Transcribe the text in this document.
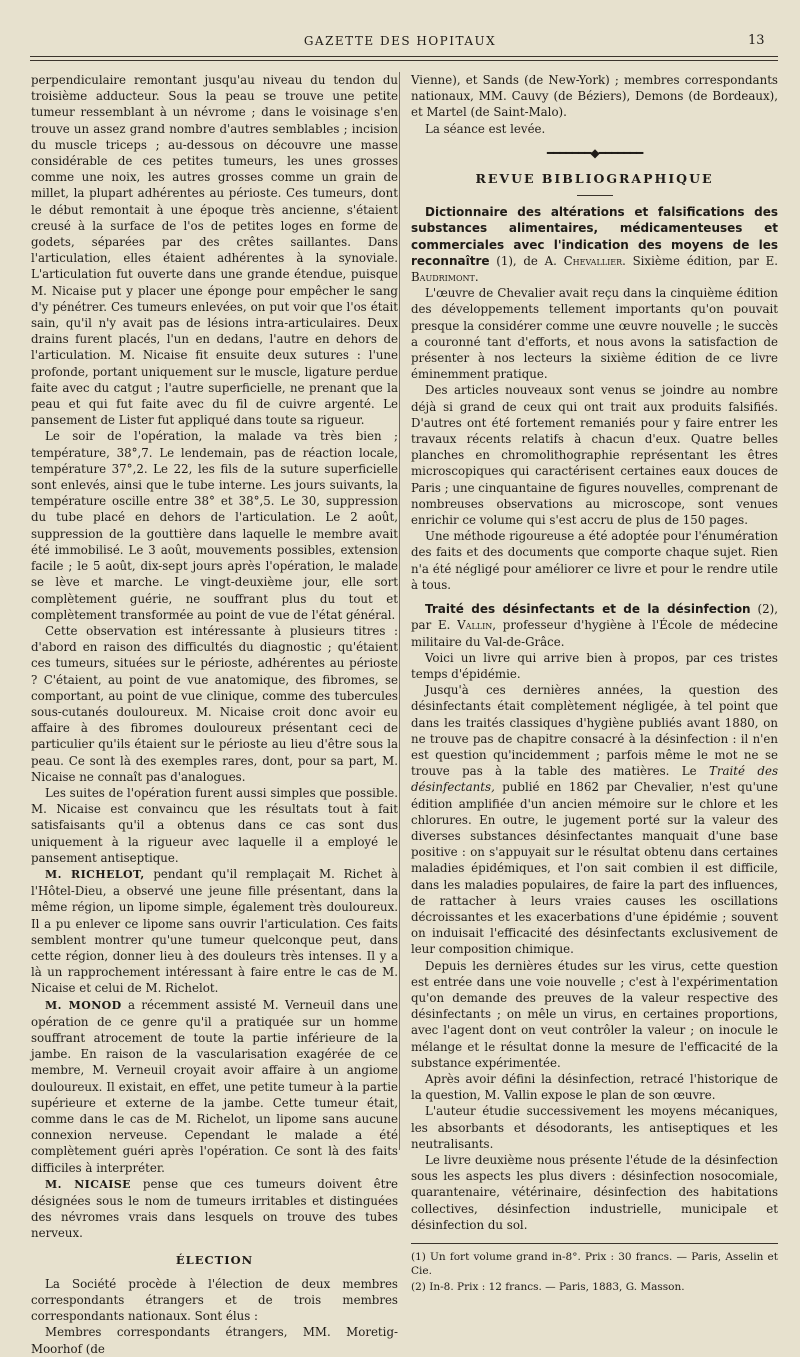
GAZETTE DES HOPITAUX	13

perpendiculaire remontant jusqu'au niveau du tendon du troisième adducteur. Sous la peau se trouve une petite tumeur ressemblant à un névrome ; dans le voisinage s'en trouve un assez grand nombre d'autres semblables ; incision du muscle triceps ; au-dessous on découvre une masse considérable de ces petites tumeurs, les unes grosses comme une noix, les autres grosses comme un grain de millet, la plupart adhérentes au périoste. Ces tumeurs, dont le début remontait à une époque très ancienne, s'étaient creusé à la surface de l'os de petites loges en forme de godets, séparées par des crêtes saillantes. Dans l'articulation, elles étaient adhérentes à la synoviale. L'articulation fut ouverte dans une grande étendue, puisque M. Nicaise put y placer une éponge pour empêcher le sang d'y pénétrer. Ces tumeurs enlevées, on put voir que l'os était sain, qu'il n'y avait pas de lésions intra-articulaires. Deux drains furent placés, l'un en dedans, l'autre en dehors de l'articulation. M. Nicaise fit ensuite deux sutures : l'une profonde, portant uniquement sur le muscle, ligature perdue faite avec du catgut ; l'autre superficielle, ne prenant que la peau et qui fut faite avec du fil de cuivre argenté. Le pansement de Lister fut appliqué dans toute sa rigueur.

Le soir de l'opération, la malade va très bien ; température, 38°,7. Le lendemain, pas de réaction locale, température 37°,2. Le 22, les fils de la suture superficielle sont enlevés, ainsi que le tube interne. Les jours suivants, la température oscille entre 38° et 38°,5. Le 30, suppression du tube placé en dehors de l'articulation. Le 2 août, suppression de la gouttière dans laquelle le membre avait été immobilisé. Le 3 août, mouvements possibles, extension facile ; le 5 août, dix-sept jours après l'opération, le malade se lève et marche. Le vingt-deuxième jour, elle sort complètement guérie, ne souffrant plus du tout et complètement transformée au point de vue de l'état général.

Cette observation est intéressante à plusieurs titres : d'abord en raison des difficultés du diagnostic ; qu'étaient ces tumeurs, situées sur le périoste, adhérentes au périoste ? C'étaient, au point de vue anatomique, des fibromes, se comportant, au point de vue clinique, comme des tubercules sous-cutanés douloureux. M. Nicaise croit donc avoir eu affaire à des fibromes douloureux présentant ceci de particulier qu'ils étaient sur le périoste au lieu d'être sous la peau. Ce sont là des exemples rares, dont, pour sa part, M. Nicaise ne connaît pas d'analogues.

Les suites de l'opération furent aussi simples que possible. M. Nicaise est convaincu que les résultats tout à fait satisfaisants qu'il a obtenus dans ce cas sont dus uniquement à la rigueur avec laquelle il a employé le pansement antiseptique.

M. RICHELOT, pendant qu'il remplaçait M. Richet à l'Hôtel-Dieu, a observé une jeune fille présentant, dans la même région, un lipome simple, également très douloureux. Il a pu enlever ce lipome sans ouvrir l'articulation. Ces faits semblent montrer qu'une tumeur quelconque peut, dans cette région, donner lieu à des douleurs très intenses. Il y a là un rapprochement intéressant à faire entre le cas de M. Nicaise et celui de M. Richelot.

M. MONOD a récemment assisté M. Verneuil dans une opération de ce genre qu'il a pratiquée sur un homme souffrant atrocement de toute la partie inférieure de la jambe. En raison de la vascularisation exagérée de ce membre, M. Verneuil croyait avoir affaire à un angiome douloureux. Il existait, en effet, une petite tumeur à la partie supérieure et externe de la jambe. Cette tumeur était, comme dans le cas de M. Richelot, un lipome sans aucune connexion nerveuse. Cependant le malade a été complètement guéri après l'opération. Ce sont là des faits difficiles à interpréter.

M. NICAISE pense que ces tumeurs doivent être désignées sous le nom de tumeurs irritables et distinguées des névromes vrais dans lesquels on trouve des tubes nerveux.

ÉLECTION

La Société procède à l'élection de deux membres correspondants étrangers et de trois membres correspondants nationaux. Sont élus :

Membres correspondants étrangers, MM. Moretig-Moorhof (de

Vienne), et Sands (de New-York) ; membres correspondants nationaux, MM. Cauvy (de Béziers), Demons (de Bordeaux), et Martel (de Saint-Malo).

La séance est levée.

━━━━━━━◆━━━━━━━
REVUE BIBLIOGRAPHIQUE

Dictionnaire des altérations et falsifications des substances alimentaires, médicamenteuses et commerciales avec l'indication des moyens de les reconnaître (1), de A. Chevallier. Sixième édition, par E. Baudrimont.

L'œuvre de Chevalier avait reçu dans la cinquième édition des développements tellement importants qu'on pouvait presque la considérer comme une œuvre nouvelle ; le succès a couronné tant d'efforts, et nous avons la satisfaction de présenter à nos lecteurs la sixième édition de ce livre éminemment pratique.

Des articles nouveaux sont venus se joindre au nombre déjà si grand de ceux qui ont trait aux produits falsifiés. D'autres ont été fortement remaniés pour y faire entrer les travaux récents relatifs à chacun d'eux. Quatre belles planches en chromolithographie représentant les êtres microscopiques qui caractérisent certaines eaux douces de Paris ; une cinquantaine de figures nouvelles, comprenant de nombreuses observations au microscope, sont venues enrichir ce volume qui s'est accru de plus de 150 pages.

Une méthode rigoureuse a été adoptée pour l'énumération des faits et des documents que comporte chaque sujet. Rien n'a été négligé pour améliorer ce livre et pour le rendre utile à tous.

Traité des désinfectants et de la désinfection (2), par E. Vallin, professeur d'hygiène à l'École de médecine militaire du Val-de-Grâce.

Voici un livre qui arrive bien à propos, par ces tristes temps d'épidémie.

Jusqu'à ces dernières années, la question des désinfectants était complètement négligée, à tel point que dans les traités classiques d'hygiène publiés avant 1880, on ne trouve pas de chapitre consacré à la désinfection : il n'en est question qu'incidemment ; parfois même le mot ne se trouve pas à la table des matières. Le Traité des désinfectants, publié en 1862 par Chevalier, n'est qu'une édition amplifiée d'un ancien mémoire sur le chlore et les chlorures. En outre, le jugement porté sur la valeur des diverses substances désinfectantes manquait d'une base positive : on s'appuyait sur le résultat obtenu dans certaines maladies épidémiques, et l'on sait combien il est difficile, dans les maladies populaires, de faire la part des influences, de rattacher à leurs vraies causes les oscillations décroissantes et les exacerbations d'une épidémie ; souvent on induisait l'efficacité des désinfectants exclusivement de leur composition chimique.

Depuis les dernières études sur les virus, cette question est entrée dans une voie nouvelle ; c'est à l'expérimentation qu'on demande des preuves de la valeur respective des désinfectants ; on mêle un virus, en certaines proportions, avec l'agent dont on veut contrôler la valeur ; on inocule le mélange et le résultat donne la mesure de l'efficacité de la substance expérimentée.

Après avoir défini la désinfection, retracé l'historique de la question, M. Vallin expose le plan de son œuvre.

L'auteur étudie successivement les moyens mécaniques, les absorbants et désodorants, les antiseptiques et les neutralisants.

Le livre deuxième nous présente l'étude de la désinfection sous les aspects les plus divers : désinfection nosocomiale, quarantenaire, vétérinaire, désinfection des habitations collectives, désinfection industrielle, municipale et désinfection du sol.

(1) Un fort volume grand in-8°. Prix : 30 francs. — Paris, Asselin et Cie.
(2) In-8. Prix : 12 francs. — Paris, 1883, G. Masson.
